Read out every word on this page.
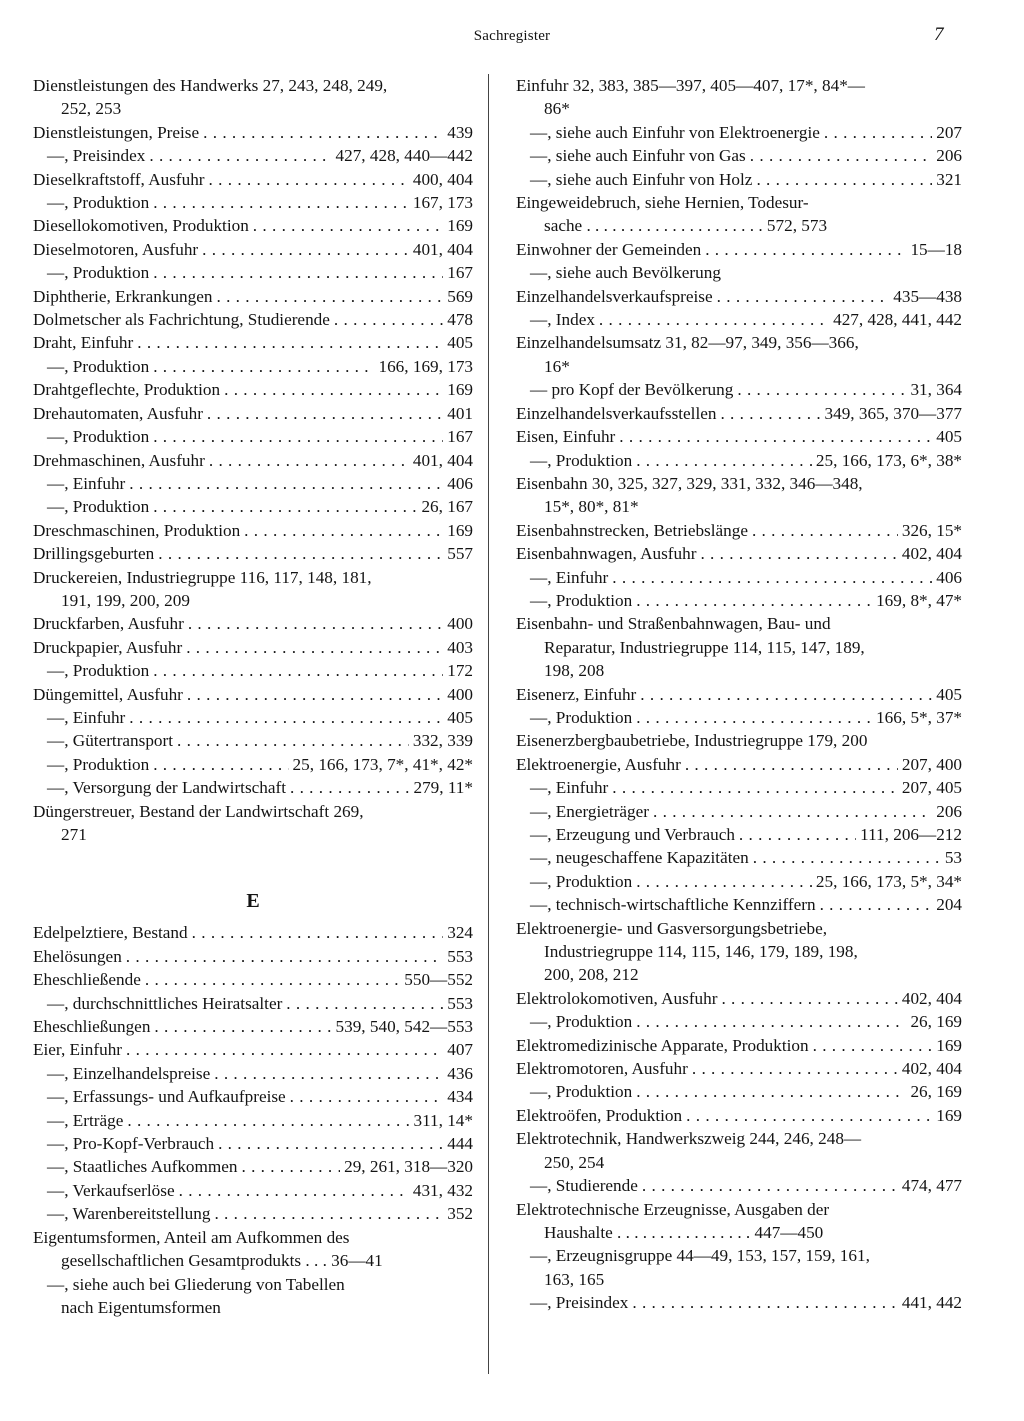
Sachregister	7
Dienstleistungen des Handwerks 27, 243, 248, 249,
252, 253
Dienstleistungen, Preise . . .	439
—, Preisindex . . .	427, 428, 440—442
Dieselkraftstoff, Ausfuhr . . .	400, 404
—, Produktion . . .	167, 173
Diesellokomotiven, Produktion . . .	169
Dieselmotoren, Ausfuhr . . .	401, 404
—, Produktion . . .	167
Diphtherie, Erkrankungen . . .	569
Dolmetscher als Fachrichtung, Studierende . . .	478
Draht, Einfuhr . . .	405
—, Produktion . . .	166, 169, 173
Drahtgeflechte, Produktion . . .	169
Drehautomaten, Ausfuhr . . .	401
—, Produktion . . .	167
Drehmaschinen, Ausfuhr . . .	401, 404
—, Einfuhr . . .	406
—, Produktion . . .	26, 167
Dreschmaschinen, Produktion . . .	169
Drillingsgeburten . . .	557
Druckereien, Industriegruppe 116, 117, 148, 181,
191, 199, 200, 209
Druckfarben, Ausfuhr . . .	400
Druckpapier, Ausfuhr . . .	403
—, Produktion . . .	172
Düngemittel, Ausfuhr . . .	400
—, Einfuhr . . .	405
—, Gütertransport . . .	332, 339
—, Produktion . . .	25, 166, 173, 7*, 41*, 42*
—, Versorgung der Landwirtschaft . . .	279, 11*
Düngerstreuer, Bestand der Landwirtschaft 269,
271
E
Edelpelztiere, Bestand . . .	324
Ehelösungen . . .	553
Eheschließende . . .	550—552
—, durchschnittliches Heiratsalter . . .	553
Eheschließungen . . .	539, 540, 542—553
Eier, Einfuhr . . .	407
—, Einzelhandelspreise . . .	436
—, Erfassungs- und Aufkaufpreise . . .	434
—, Erträge . . .	311, 14*
—, Pro-Kopf-Verbrauch . . .	444
—, Staatliches Aufkommen . . .	29, 261, 318—320
—, Verkaufserlöse . . .	431, 432
—, Warenbereitstellung . . .	352
Eigentumsformen, Anteil am Aufkommen des
gesellschaftlichen Gesamtprodukts . . . 36—41
—, siehe auch bei Gliederung von Tabellen
nach Eigentumsformen
Einfuhr 32, 383, 385—397, 405—407, 17*, 84*—
86*
—, siehe auch Einfuhr von Elektroenergie . . .	207
—, siehe auch Einfuhr von Gas . . .	206
—, siehe auch Einfuhr von Holz . . .	321
Eingeweidebruch, siehe Hernien, Todesur-
sache . . . . . . . . . . . . . . . . . . . . . 572, 573
Einwohner der Gemeinden . . .	15—18
—, siehe auch Bevölkerung
Einzelhandelsverkaufspreise . . .	435—438
—, Index . . .	427, 428, 441, 442
Einzelhandelsumsatz 31, 82—97, 349, 356—366,
16*
— pro Kopf der Bevölkerung . . .	31, 364
Einzelhandelsverkaufsstellen . . .	349, 365, 370—377
Eisen, Einfuhr . . .	405
—, Produktion . . .	25, 166, 173, 6*, 38*
Eisenbahn 30, 325, 327, 329, 331, 332, 346—348,
15*, 80*, 81*
Eisenbahnstrecken, Betriebslänge . . .	326, 15*
Eisenbahnwagen, Ausfuhr . . .	402, 404
—, Einfuhr . . .	406
—, Produktion . . .	169, 8*, 47*
Eisenbahn- und Straßenbahnwagen, Bau- und
Reparatur, Industriegruppe 114, 115, 147, 189,
198, 208
Eisenerz, Einfuhr . . .	405
—, Produktion . . .	166, 5*, 37*
Eisenerzbergbaubetriebe, Industriegruppe 179, 200
Elektroenergie, Ausfuhr . . .	207, 400
—, Einfuhr . . .	207, 405
—, Energieträger . . .	206
—, Erzeugung und Verbrauch . . .	111, 206—212
—, neugeschaffene Kapazitäten . . .	53
—, Produktion . . .	25, 166, 173, 5*, 34*
—, technisch-wirtschaftliche Kennziffern . . .	204
Elektroenergie- und Gasversorgungsbetriebe,
Industriegruppe 114, 115, 146, 179, 189, 198,
200, 208, 212
Elektrolokomotiven, Ausfuhr . . .	402, 404
—, Produktion . . .	26, 169
Elektromedizinische Apparate, Produktion . . .	169
Elektromotoren, Ausfuhr . . .	402, 404
—, Produktion . . .	26, 169
Elektroöfen, Produktion . . .	169
Elektrotechnik, Handwerkszweig 244, 246, 248—
250, 254
—, Studierende . . .	474, 477
Elektrotechnische Erzeugnisse, Ausgaben der
Haushalte . . . . . . . . . . . . . . . . 447—450
—, Erzeugnisgruppe 44—49, 153, 157, 159, 161,
163, 165
—, Preisindex . . .	441, 442
